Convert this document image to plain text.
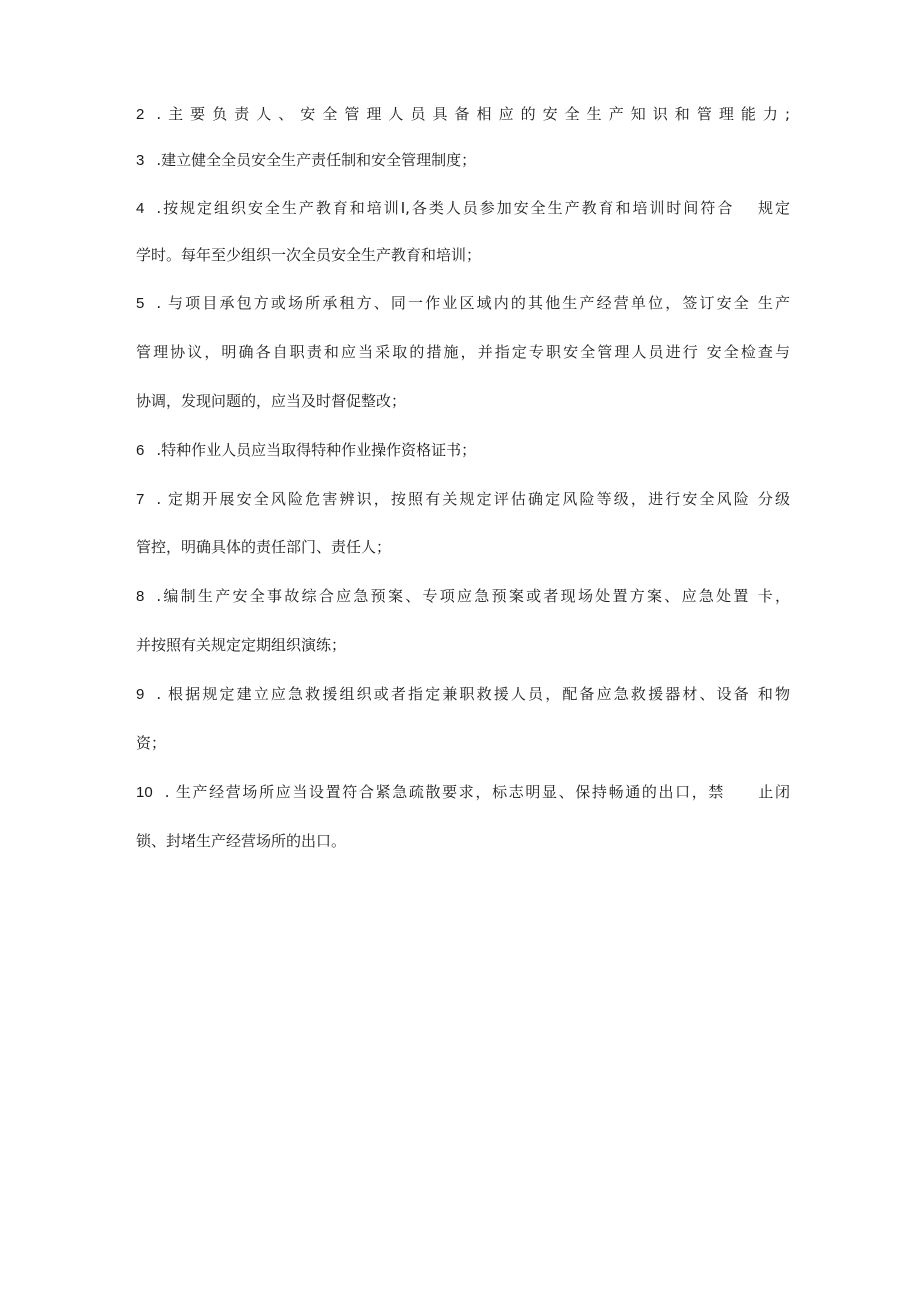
2 .主要负责人、安全管理人员具备相应的安全生产知识和管理能力;
3 .建立健全全员安全生产责任制和安全管理制度；
4 .按规定组织安全生产教育和培训I,各类人员参加安全生产教育和培训时间符合　 规定
学时。每年至少组织一次全员安全生产教育和培训；
5 . 与项目承包方或场所承租方、同一作业区域内的其他生产经营单位，签订安全 生产
管理协议，明确各自职责和应当采取的措施，并指定专职安全管理人员进行 安全检查与
协调，发现问题的，应当及时督促整改；
6 .特种作业人员应当取得特种作业操作资格证书；
7 . 定期开展安全风险危害辨识，按照有关规定评估确定风险等级，进行安全风险 分级
管控，明确具体的责任部门、责任人；
8 .编制生产安全事故综合应急预案、专项应急预案或者现场处置方案、应急处置 卡，
并按照有关规定定期组织演练；
9 . 根据规定建立应急救援组织或者指定兼职救援人员，配备应急救援器材、设备 和物
资；
10 . 生产经营场所应当设置符合紧急疏散要求，标志明显、保持畅通的出口，禁　　止闭
锁、封堵生产经营场所的出口。
